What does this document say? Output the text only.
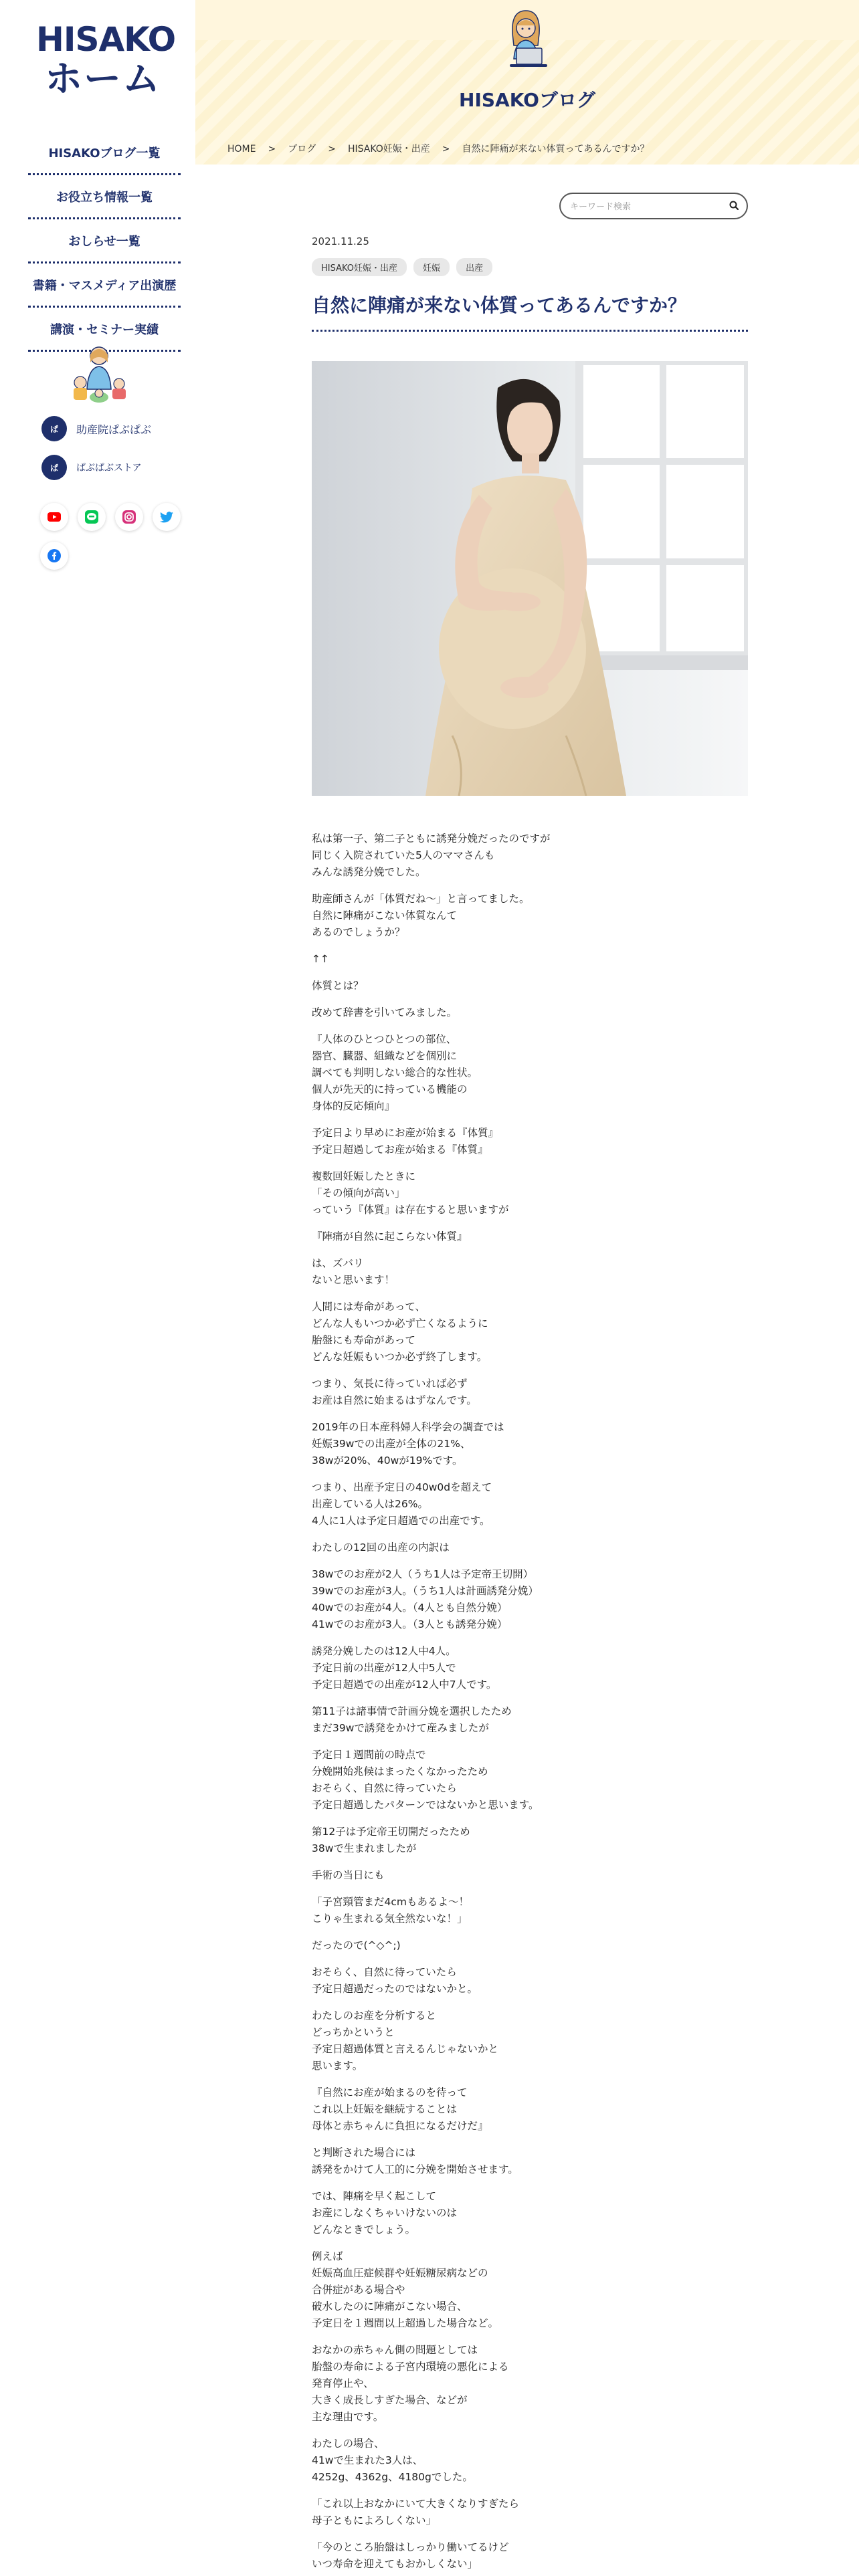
HISAKO
ホーム
HISAKOブログ一覧
お役立ち情報一覧
おしらせ一覧
書籍・マスメディア出演歴
講演・セミナー実績
ぱ	助産院ぱぶぱぶ
ぱ	ぱぶぱぶストア
HISAKOブログ
HOME > ブログ > HISAKO妊娠・出産 > 自然に陣痛が来ない体質ってあるんですか？
キーワード検索
2021.11.25
HISAKO妊娠・出産	妊娠	出産
自然に陣痛が来ない体質ってあるんですか？

私は第一子、第二子ともに誘発分娩だったのですが
同じく入院されていた5人のママさんも
みんな誘発分娩でした。

助産師さんが「体質だね〜」と言ってました。
自然に陣痛がこない体質なんて
あるのでしょうか？

↑↑

体質とは？

改めて辞書を引いてみました。

『人体のひとつひとつの部位、
器官、臓器、組織などを個別に
調べても判明しない総合的な性状。
個人が先天的に持っている機能の
身体的反応傾向』

予定日より早めにお産が始まる『体質』
予定日超過してお産が始まる『体質』

複数回妊娠したときに
「その傾向が高い」
っていう『体質』は存在すると思いますが

『陣痛が自然に起こらない体質』

は、ズバリ
ないと思います！

人間には寿命があって、
どんな人もいつか必ず亡くなるように
胎盤にも寿命があって
どんな妊娠もいつか必ず終了します。

つまり、気長に待っていれば必ず
お産は自然に始まるはずなんです。

2019年の日本産科婦人科学会の調査では
妊娠39wでの出産が全体の21%、
38wが20%、40wが19%です。

つまり、出産予定日の40w0dを超えて
出産している人は26%。
4人に1人は予定日超過での出産です。

わたしの12回の出産の内訳は

38wでのお産が2人（うち1人は予定帝王切開）
39wでのお産が3人。（うち1人は計画誘発分娩）
40wでのお産が4人。（4人とも自然分娩）
41wでのお産が3人。（3人とも誘発分娩）

誘発分娩したのは12人中4人。
予定日前の出産が12人中5人で
予定日超過での出産が12人中7人です。

第11子は諸事情で計画分娩を選択したため
まだ39wで誘発をかけて産みましたが

予定日１週間前の時点で
分娩開始兆候はまったくなかったため
おそらく、自然に待っていたら
予定日超過したパターンではないかと思います。

第12子は予定帝王切開だったため
38wで生まれましたが

手術の当日にも

「子宮頸管まだ4cmもあるよ〜！
こりゃ生まれる気全然ないな！」

だったので(^◇^;)

おそらく、自然に待っていたら
予定日超過だったのではないかと。

わたしのお産を分析すると
どっちかというと
予定日超過体質と言えるんじゃないかと
思います。

『自然にお産が始まるのを待って
これ以上妊娠を継続することは
母体と赤ちゃんに負担になるだけだ』

と判断された場合には
誘発をかけて人工的に分娩を開始させます。

では、陣痛を早く起こして
お産にしなくちゃいけないのは
どんなときでしょう。

例えば
妊娠高血圧症候群や妊娠糖尿病などの
合併症がある場合や
破水したのに陣痛がこない場合、
予定日を１週間以上超過した場合など。

おなかの赤ちゃん側の問題としては
胎盤の寿命による子宮内環境の悪化による
発育停止や、
大きく成長しすぎた場合、などが
主な理由です。

わたしの場合、
41wで生まれた3人は、
4252g、4362g、4180gでした。

「これ以上おなかにいて大きくなりすぎたら
母子ともによろしくない」

「今のところ胎盤はしっかり働いてるけど
いつ寿命を迎えてもおかしくない」
